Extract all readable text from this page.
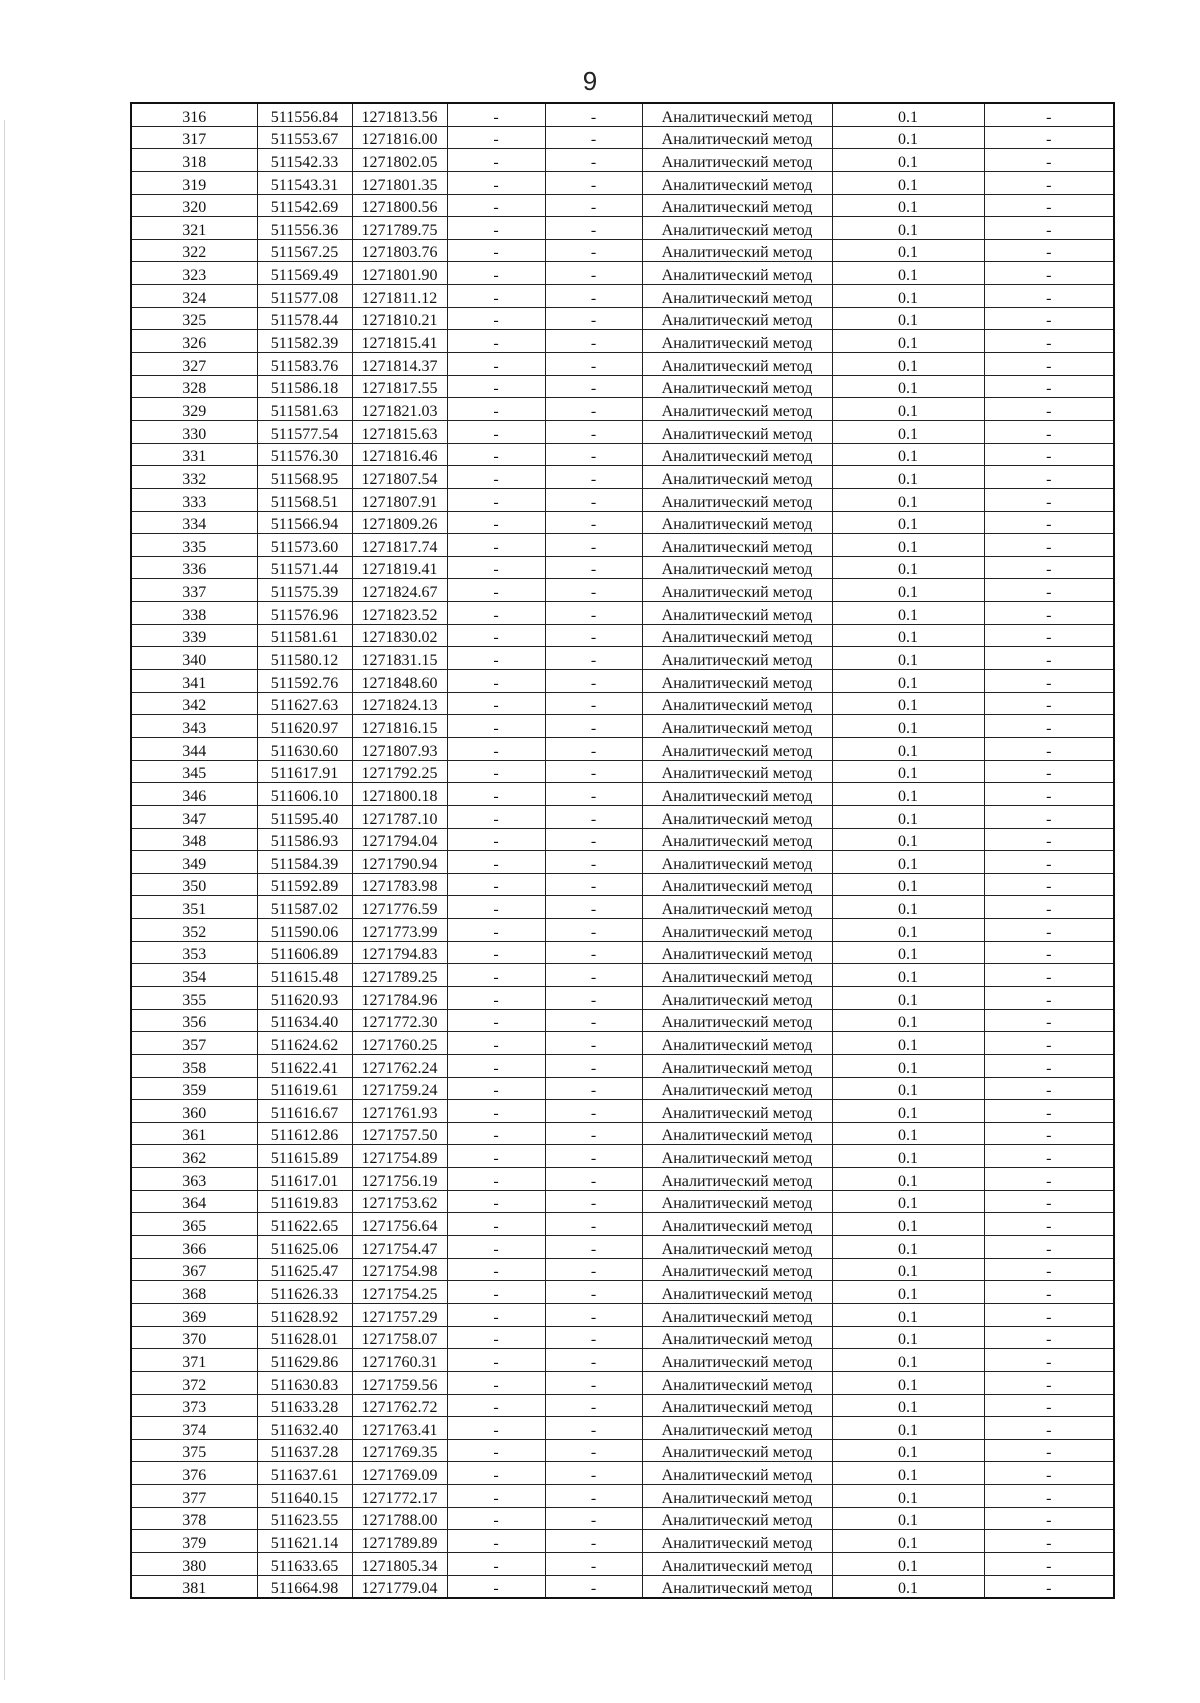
9
316	511556.84	1271813.56	-	-	Аналитический метод	0.1	-
317	511553.67	1271816.00	-	-	Аналитический метод	0.1	-
318	511542.33	1271802.05	-	-	Аналитический метод	0.1	-
319	511543.31	1271801.35	-	-	Аналитический метод	0.1	-
320	511542.69	1271800.56	-	-	Аналитический метод	0.1	-
321	511556.36	1271789.75	-	-	Аналитический метод	0.1	-
322	511567.25	1271803.76	-	-	Аналитический метод	0.1	-
323	511569.49	1271801.90	-	-	Аналитический метод	0.1	-
324	511577.08	1271811.12	-	-	Аналитический метод	0.1	-
325	511578.44	1271810.21	-	-	Аналитический метод	0.1	-
326	511582.39	1271815.41	-	-	Аналитический метод	0.1	-
327	511583.76	1271814.37	-	-	Аналитический метод	0.1	-
328	511586.18	1271817.55	-	-	Аналитический метод	0.1	-
329	511581.63	1271821.03	-	-	Аналитический метод	0.1	-
330	511577.54	1271815.63	-	-	Аналитический метод	0.1	-
331	511576.30	1271816.46	-	-	Аналитический метод	0.1	-
332	511568.95	1271807.54	-	-	Аналитический метод	0.1	-
333	511568.51	1271807.91	-	-	Аналитический метод	0.1	-
334	511566.94	1271809.26	-	-	Аналитический метод	0.1	-
335	511573.60	1271817.74	-	-	Аналитический метод	0.1	-
336	511571.44	1271819.41	-	-	Аналитический метод	0.1	-
337	511575.39	1271824.67	-	-	Аналитический метод	0.1	-
338	511576.96	1271823.52	-	-	Аналитический метод	0.1	-
339	511581.61	1271830.02	-	-	Аналитический метод	0.1	-
340	511580.12	1271831.15	-	-	Аналитический метод	0.1	-
341	511592.76	1271848.60	-	-	Аналитический метод	0.1	-
342	511627.63	1271824.13	-	-	Аналитический метод	0.1	-
343	511620.97	1271816.15	-	-	Аналитический метод	0.1	-
344	511630.60	1271807.93	-	-	Аналитический метод	0.1	-
345	511617.91	1271792.25	-	-	Аналитический метод	0.1	-
346	511606.10	1271800.18	-	-	Аналитический метод	0.1	-
347	511595.40	1271787.10	-	-	Аналитический метод	0.1	-
348	511586.93	1271794.04	-	-	Аналитический метод	0.1	-
349	511584.39	1271790.94	-	-	Аналитический метод	0.1	-
350	511592.89	1271783.98	-	-	Аналитический метод	0.1	-
351	511587.02	1271776.59	-	-	Аналитический метод	0.1	-
352	511590.06	1271773.99	-	-	Аналитический метод	0.1	-
353	511606.89	1271794.83	-	-	Аналитический метод	0.1	-
354	511615.48	1271789.25	-	-	Аналитический метод	0.1	-
355	511620.93	1271784.96	-	-	Аналитический метод	0.1	-
356	511634.40	1271772.30	-	-	Аналитический метод	0.1	-
357	511624.62	1271760.25	-	-	Аналитический метод	0.1	-
358	511622.41	1271762.24	-	-	Аналитический метод	0.1	-
359	511619.61	1271759.24	-	-	Аналитический метод	0.1	-
360	511616.67	1271761.93	-	-	Аналитический метод	0.1	-
361	511612.86	1271757.50	-	-	Аналитический метод	0.1	-
362	511615.89	1271754.89	-	-	Аналитический метод	0.1	-
363	511617.01	1271756.19	-	-	Аналитический метод	0.1	-
364	511619.83	1271753.62	-	-	Аналитический метод	0.1	-
365	511622.65	1271756.64	-	-	Аналитический метод	0.1	-
366	511625.06	1271754.47	-	-	Аналитический метод	0.1	-
367	511625.47	1271754.98	-	-	Аналитический метод	0.1	-
368	511626.33	1271754.25	-	-	Аналитический метод	0.1	-
369	511628.92	1271757.29	-	-	Аналитический метод	0.1	-
370	511628.01	1271758.07	-	-	Аналитический метод	0.1	-
371	511629.86	1271760.31	-	-	Аналитический метод	0.1	-
372	511630.83	1271759.56	-	-	Аналитический метод	0.1	-
373	511633.28	1271762.72	-	-	Аналитический метод	0.1	-
374	511632.40	1271763.41	-	-	Аналитический метод	0.1	-
375	511637.28	1271769.35	-	-	Аналитический метод	0.1	-
376	511637.61	1271769.09	-	-	Аналитический метод	0.1	-
377	511640.15	1271772.17	-	-	Аналитический метод	0.1	-
378	511623.55	1271788.00	-	-	Аналитический метод	0.1	-
379	511621.14	1271789.89	-	-	Аналитический метод	0.1	-
380	511633.65	1271805.34	-	-	Аналитический метод	0.1	-
381	511664.98	1271779.04	-	-	Аналитический метод	0.1	-
